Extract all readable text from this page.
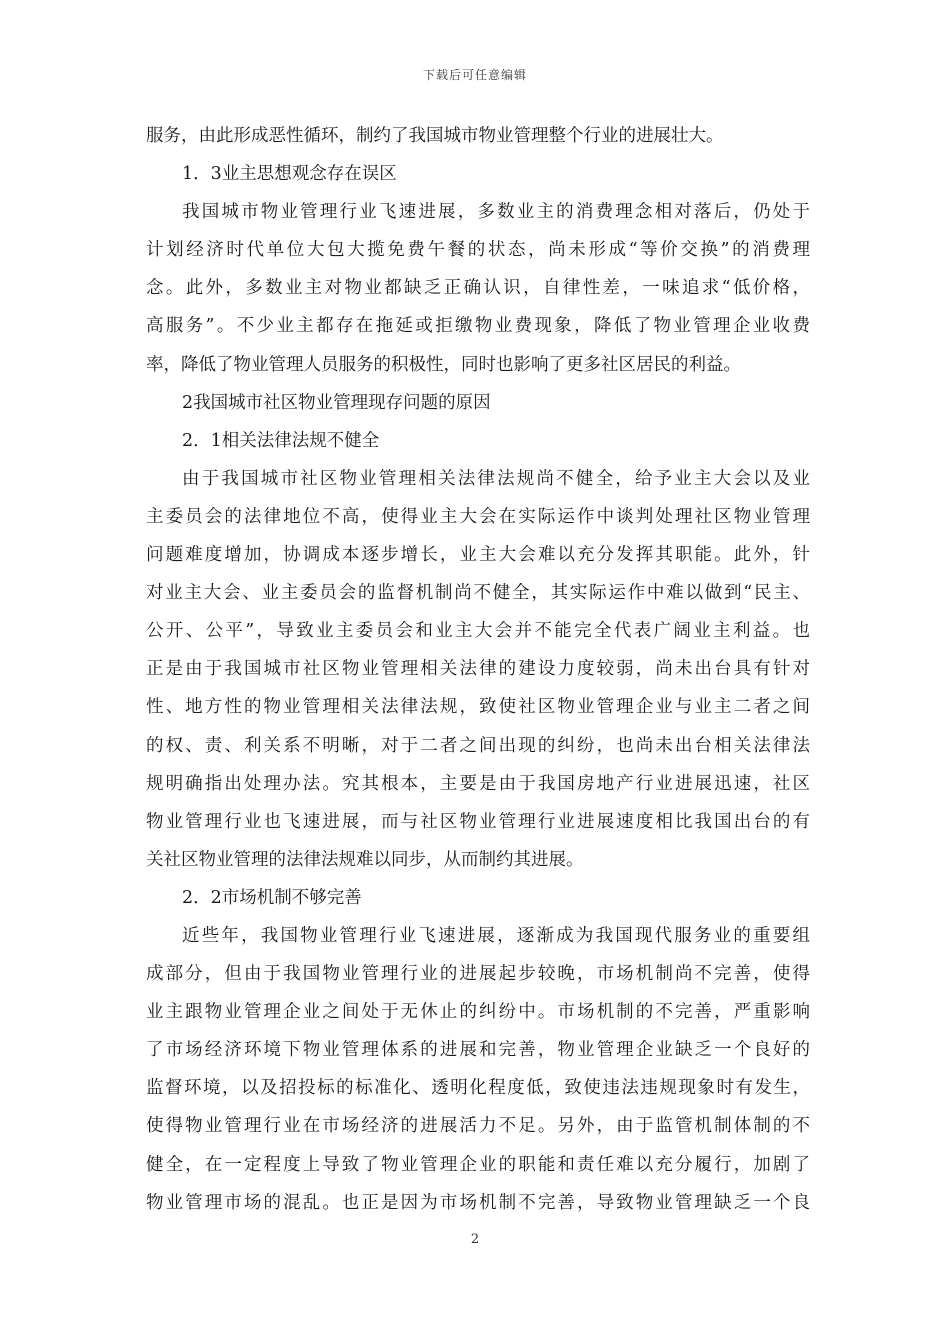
下载后可任意编辑
服务，由此形成恶性循环，制约了我国城市物业管理整个行业的进展壮大。
1．3业主思想观念存在误区
我国城市物业管理行业飞速进展，多数业主的消费理念相对落后，仍处于
计划经济时代单位大包大揽免费午餐的状态，尚未形成“等价交换”的消费理
念。此外，多数业主对物业都缺乏正确认识，自律性差，一味追求“低价格，
高服务”。不少业主都存在拖延或拒缴物业费现象，降低了物业管理企业收费
率，降低了物业管理人员服务的积极性，同时也影响了更多社区居民的利益。
2我国城市社区物业管理现存问题的原因
2．1相关法律法规不健全
由于我国城市社区物业管理相关法律法规尚不健全，给予业主大会以及业
主委员会的法律地位不高，使得业主大会在实际运作中谈判处理社区物业管理
问题难度增加，协调成本逐步增长，业主大会难以充分发挥其职能。此外，针
对业主大会、业主委员会的监督机制尚不健全，其实际运作中难以做到“民主、
公开、公平”，导致业主委员会和业主大会并不能完全代表广阔业主利益。也
正是由于我国城市社区物业管理相关法律的建设力度较弱，尚未出台具有针对
性、地方性的物业管理相关法律法规，致使社区物业管理企业与业主二者之间
的权、责、利关系不明晰，对于二者之间出现的纠纷，也尚未出台相关法律法
规明确指出处理办法。究其根本，主要是由于我国房地产行业进展迅速，社区
物业管理行业也飞速进展，而与社区物业管理行业进展速度相比我国出台的有
关社区物业管理的法律法规难以同步，从而制约其进展。
2．2市场机制不够完善
近些年，我国物业管理行业飞速进展，逐渐成为我国现代服务业的重要组
成部分，但由于我国物业管理行业的进展起步较晚，市场机制尚不完善，使得
业主跟物业管理企业之间处于无休止的纠纷中。市场机制的不完善，严重影响
了市场经济环境下物业管理体系的进展和完善，物业管理企业缺乏一个良好的
监督环境，以及招投标的标准化、透明化程度低，致使违法违规现象时有发生，
使得物业管理行业在市场经济的进展活力不足。另外，由于监管机制体制的不
健全，在一定程度上导致了物业管理企业的职能和责任难以充分履行，加剧了
物业管理市场的混乱。也正是因为市场机制不完善，导致物业管理缺乏一个良
2
